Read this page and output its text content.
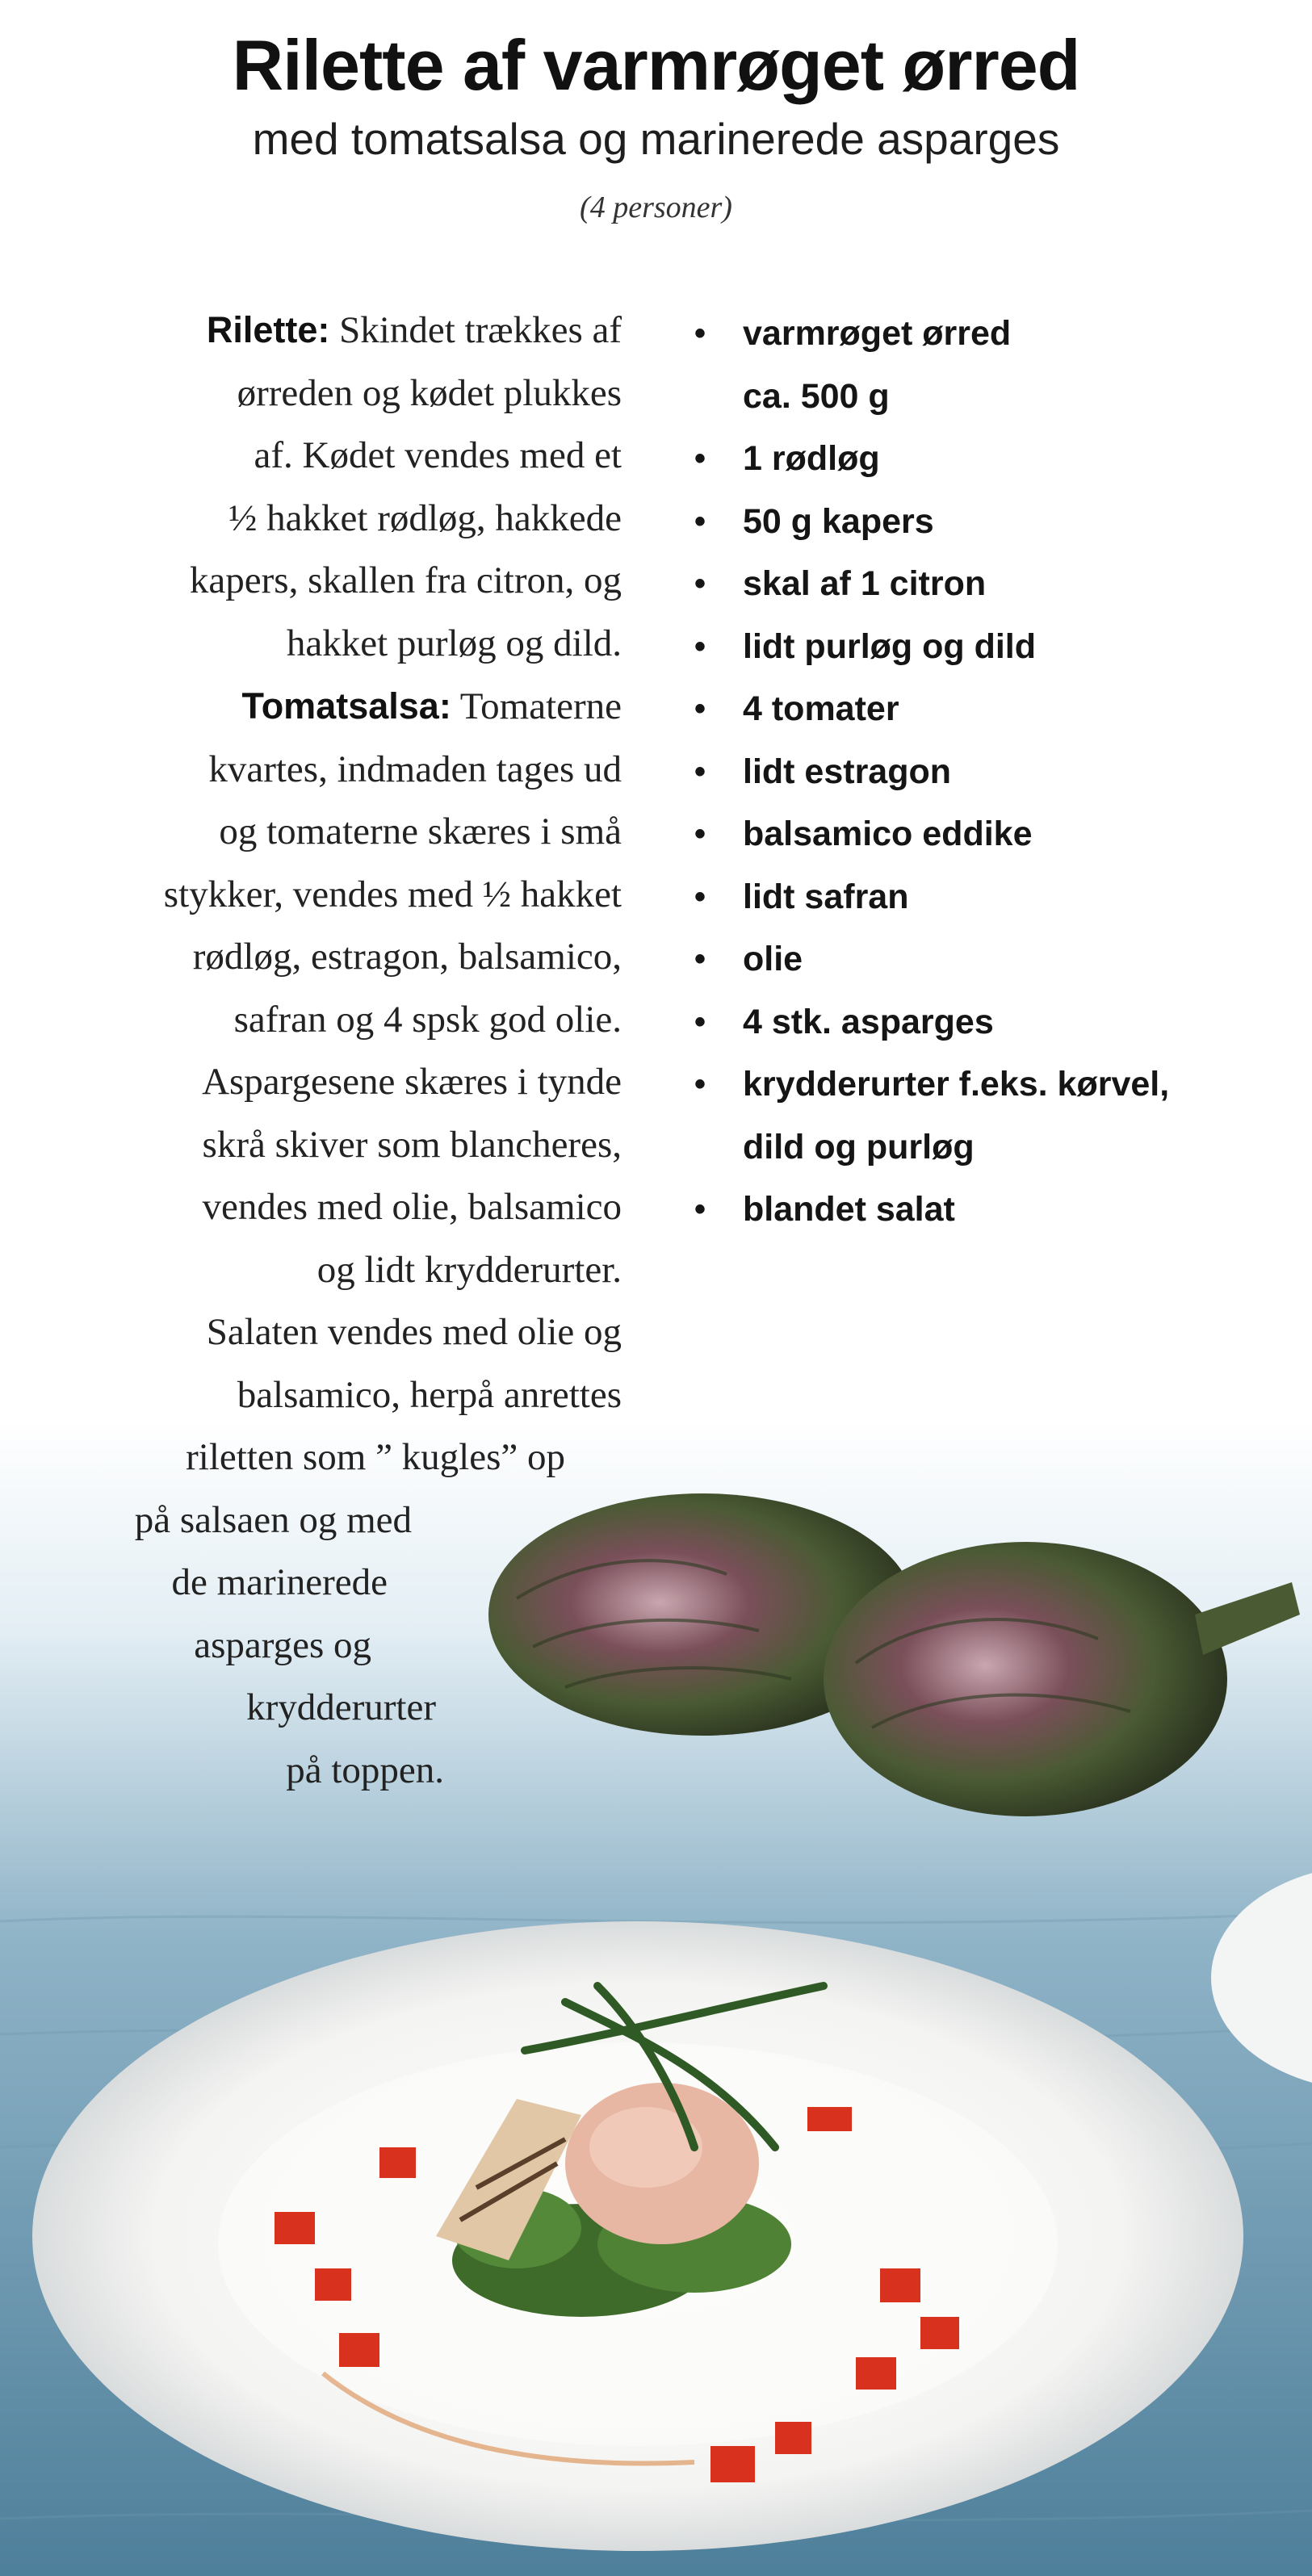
Rilette af varmrøget ørred
med tomatsalsa og marinerede asparges
(4 personer)
Rilette: Skindet trækkes af
ørreden og kødet plukkes
af. Kødet vendes med et
½ hakket rødløg, hakkede
kapers, skallen fra citron, og
hakket purløg og dild.
Tomatsalsa: Tomaterne
kvartes, indmaden tages ud
og tomaterne skæres i små
stykker, vendes med ½ hakket
rødløg, estragon, balsamico,
safran og 4 spsk god olie.
Aspargesene skæres i tynde
skrå skiver som blancheres,
vendes med olie, balsamico
og lidt krydderurter.
Salaten vendes med olie og
balsamico, herpå anrettes
riletten som ” kugles” op
på salsaen og med
de marinerede
asparges og
krydderurter
på toppen.
• varmrøget ørred
ca. 500 g
• 1 rødløg
• 50 g kapers
• skal af 1 citron
• lidt purløg og dild
• 4 tomater
• lidt estragon
• balsamico eddike
• lidt safran
• olie
• 4 stk. asparges
• krydderurter f.eks. kørvel,
dild og purløg
• blandet salat
